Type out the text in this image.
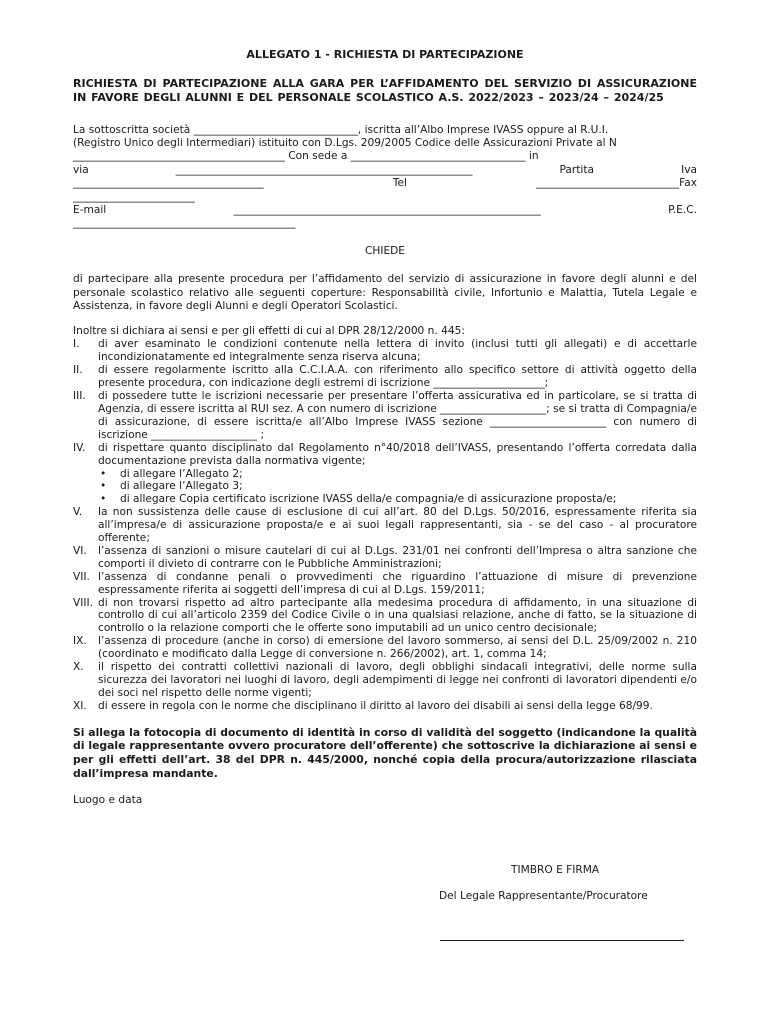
ALLEGATO 1 - RICHIESTA DI PARTECIPAZIONE
RICHIESTA DI PARTECIPAZIONE ALLA GARA PER L’AFFIDAMENTO DEL SERVIZIO DI ASSICURAZIONE IN FAVORE DEGLI ALUNNI E DEL PERSONALE SCOLASTICO A.S. 2022/2023 – 2023/24 – 2024/25
La sottoscritta società _______________________________, iscritta all’Albo Imprese IVASS oppure al R.U.I.
(Registro Unico degli Intermediari) istituito con D.Lgs. 209/2005 Codice delle Assicurazioni Private al N
________________________________________ Con sede a _________________________________ in
via	________________________________________________________	Partita	Iva
____________________________________	Tel	___________________________Fax
_______________________
E-mail	__________________________________________________________	P.E.C.
__________________________________________
CHIEDE
di partecipare alla presente procedura per l’affidamento del servizio di assicurazione in favore degli alunni e del personale scolastico relativo alle seguenti coperture: Responsabilità civile, Infortunio e Malattia, Tutela Legale e Assistenza, in favore degli Alunni e degli Operatori Scolastici.
Inoltre si dichiara ai sensi e per gli effetti di cui al DPR 28/12/2000 n. 445:
I. di aver esaminato le condizioni contenute nella lettera di invito (inclusi tutti gli allegati) e di accettarle incondizionatamente ed integralmente senza riserva alcuna;
II. di essere regolarmente iscritto alla C.C.I.A.A. con riferimento allo specifico settore di attività oggetto della presente procedura, con indicazione degli estremi di iscrizione _____________________;
III. di possedere tutte le iscrizioni necessarie per presentare l’offerta assicurativa ed in particolare, se si tratta di Agenzia, di essere iscritta al RUI sez. A con numero di iscrizione ____________________; se si tratta di Compagnia/e di assicurazione, di essere iscritta/e all’Albo Imprese IVASS sezione ______________________ con numero di iscrizione ____________________ ;
IV. di rispettare quanto disciplinato dal Regolamento n°40/2018 dell’IVASS, presentando l’offerta corredata dalla documentazione prevista dalla normativa vigente;
• di allegare l’Allegato 2;
• di allegare l’Allegato 3;
• di allegare Copia certificato iscrizione IVASS della/e compagnia/e di assicurazione proposta/e;
V. la non sussistenza delle cause di esclusione di cui all’art. 80 del D.Lgs. 50/2016, espressamente riferita sia all’impresa/e di assicurazione proposta/e e ai suoi legali rappresentanti, sia - se del caso - al procuratore offerente;
VI. l’assenza di sanzioni o misure cautelari di cui al D.Lgs. 231/01 nei confronti dell’Impresa o altra sanzione che comporti il divieto di contrarre con le Pubbliche Amministrazioni;
VII. l’assenza di condanne penali o provvedimenti che riguardino l’attuazione di misure di prevenzione espressamente riferita ai soggetti dell’impresa di cui al D.Lgs. 159/2011;
VIII. di non trovarsi rispetto ad altro partecipante alla medesima procedura di affidamento, in una situazione di controllo di cui all’articolo 2359 del Codice Civile o in una qualsiasi relazione, anche di fatto, se la situazione di controllo o la relazione comporti che le offerte sono imputabili ad un unico centro decisionale;
IX. l’assenza di procedure (anche in corso) di emersione del lavoro sommerso, ai sensi del D.L. 25/09/2002 n. 210 (coordinato e modificato dalla Legge di conversione n. 266/2002), art. 1, comma 14;
X. il rispetto dei contratti collettivi nazionali di lavoro, degli obblighi sindacali integrativi, delle norme sulla sicurezza dei lavoratori nei luoghi di lavoro, degli adempimenti di legge nei confronti di lavoratori dipendenti e/o dei soci nel rispetto delle norme vigenti;
XI. di essere in regola con le norme che disciplinano il diritto al lavoro dei disabili ai sensi della legge 68/99.
Si allega la fotocopia di documento di identità in corso di validità del soggetto (indicandone la qualità di legale rappresentante ovvero procuratore dell’offerente) che sottoscrive la dichiarazione ai sensi e per gli effetti dell’art. 38 del DPR n. 445/2000, nonché copia della procura/autorizzazione rilasciata dall’impresa mandante.
Luogo e data
TIMBRO E FIRMA
Del Legale Rappresentante/Procuratore
